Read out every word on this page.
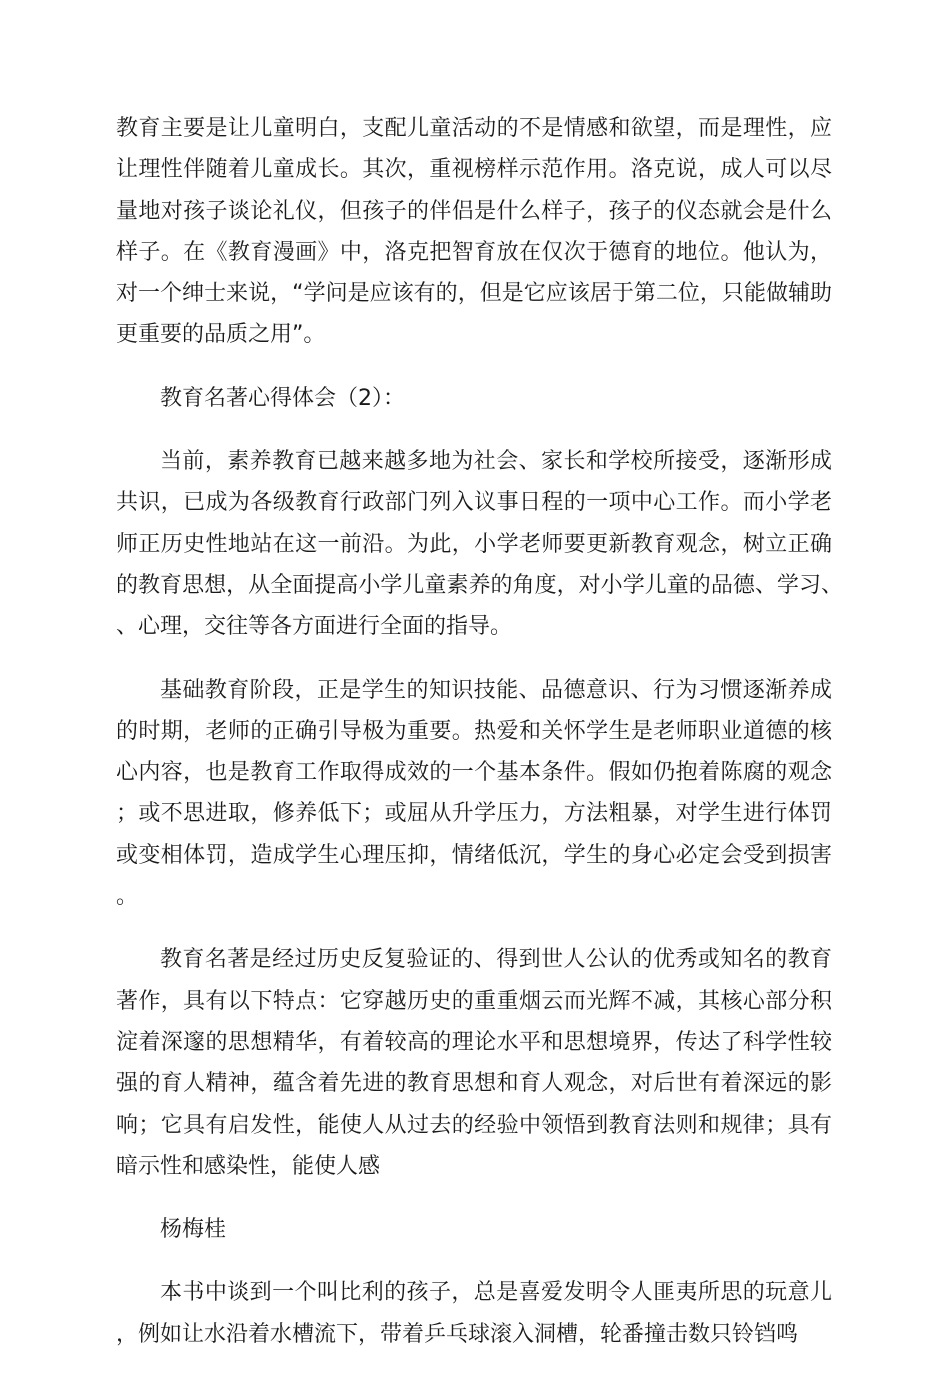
教育主要是让儿童明白，支配儿童活动的不是情感和欲望，而是理性，应让理性伴随着儿童成长。其次，重视榜样示范作用。洛克说，成人可以尽量地对孩子谈论礼仪，但孩子的伴侣是什么样子，孩子的仪态就会是什么样子。在《教育漫画》中，洛克把智育放在仅次于德育的地位。他认为，对一个绅士来说，“学问是应该有的，但是它应该居于第二位，只能做辅助更重要的品质之用”。

教育名著心得体会（2）：

当前，素养教育已越来越多地为社会、家长和学校所接受，逐渐形成共识，已成为各级教育行政部门列入议事日程的一项中心工作。而小学老师正历史性地站在这一前沿。为此，小学老师要更新教育观念，树立正确的教育思想，从全面提高小学儿童素养的角度，对小学儿童的品德、学习、、心理，交往等各方面进行全面的指导。

基础教育阶段，正是学生的知识技能、品德意识、行为习惯逐渐养成的时期，老师的正确引导极为重要。热爱和关怀学生是老师职业道德的核心内容，也是教育工作取得成效的一个基本条件。假如仍抱着陈腐的观念；或不思进取，修养低下；或屈从升学压力，方法粗暴，对学生进行体罚或变相体罚，造成学生心理压抑，情绪低沉，学生的身心必定会受到损害。

教育名著是经过历史反复验证的、得到世人公认的优秀或知名的教育著作，具有以下特点：它穿越历史的重重烟云而光辉不减，其核心部分积淀着深邃的思想精华，有着较高的理论水平和思想境界，传达了科学性较强的育人精神，蕴含着先进的教育思想和育人观念，对后世有着深远的影响；它具有启发性，能使人从过去的经验中领悟到教育法则和规律；具有暗示性和感染性，能使人感

杨梅桂

本书中谈到一个叫比利的孩子，总是喜爱发明令人匪夷所思的玩意儿，例如让水沿着水槽流下，带着乒乓球滚入洞槽，轮番撞击数只铃铛鸣
